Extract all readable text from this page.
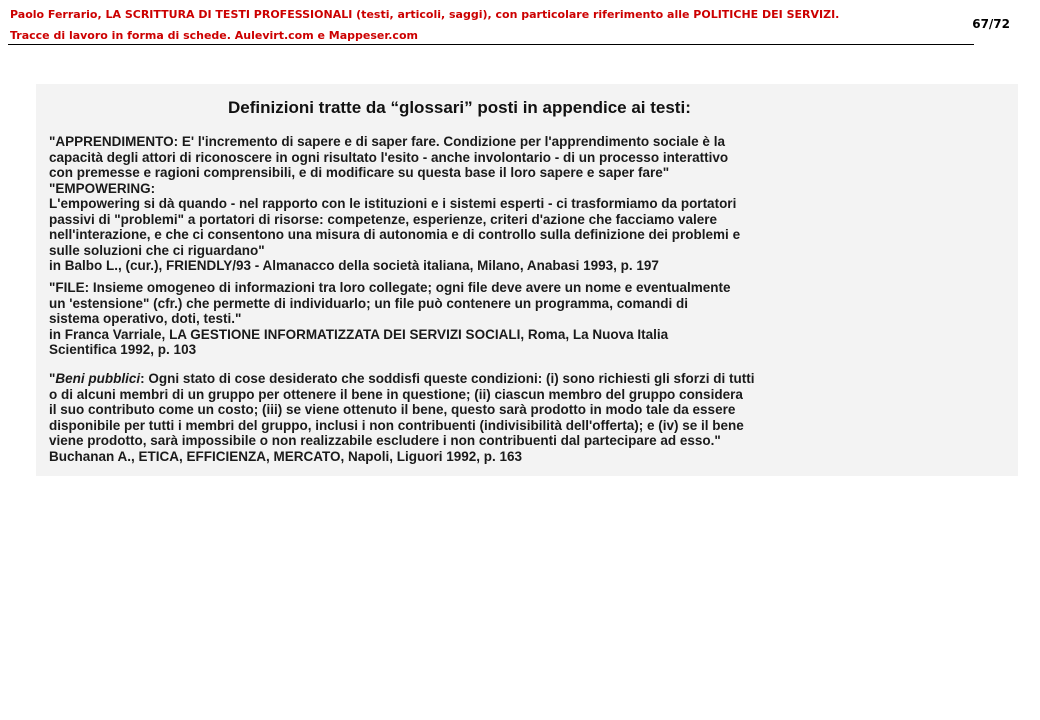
Paolo Ferrario, LA SCRITTURA DI TESTI PROFESSIONALI (testi, articoli, saggi), con particolare riferimento alle POLITICHE DEI SERVIZI.
Tracce di lavoro in forma di schede. Aulevirt.com e Mappeser.com
67/72
Definizioni tratte da “glossari” posti in appendice ai testi:
"APPRENDIMENTO: E' l'incremento di sapere e di saper fare. Condizione per l'apprendimento sociale è la
capacità degli attori di riconoscere in ogni risultato l'esito - anche involontario - di un processo interattivo
con premesse e ragioni comprensibili, e di modificare su questa base il loro sapere e saper fare"
"EMPOWERING:
L'empowering si dà quando - nel rapporto con le istituzioni e i sistemi esperti - ci trasformiamo da portatori
passivi di "problemi" a portatori di risorse: competenze, esperienze, criteri d'azione che facciamo valere
nell'interazione, e che ci consentono una misura di autonomia e di controllo sulla definizione dei problemi e
sulle soluzioni che ci riguardano"
in Balbo L., (cur.), FRIENDLY/93 - Almanacco della società italiana, Milano, Anabasi 1993, p. 197
"FILE: Insieme omogeneo di informazioni tra loro collegate; ogni file deve avere un nome e eventualmente
un 'estensione" (cfr.) che permette di individuarlo; un file può contenere un programma, comandi di
sistema operativo, doti, testi."
in Franca Varriale, LA GESTIONE INFORMATIZZATA DEI SERVIZI SOCIALI, Roma, La Nuova Italia
Scientifica 1992, p. 103
"Beni pubblici: Ogni stato di cose desiderato che soddisfi queste condizioni: (i) sono richiesti gli sforzi di tutti
o di alcuni membri di un gruppo per ottenere il bene in questione; (ii) ciascun membro del gruppo considera
il suo contributo come un costo; (iii) se viene ottenuto il bene, questo sarà prodotto in modo tale da essere
disponibile per tutti i membri del gruppo, inclusi i non contribuenti (indivisibilità dell'offerta); e (iv) se il bene
viene prodotto, sarà impossibile o non realizzabile escludere i non contribuenti dal partecipare ad esso."
Buchanan A., ETICA, EFFICIENZA, MERCATO, Napoli, Liguori 1992, p. 163
